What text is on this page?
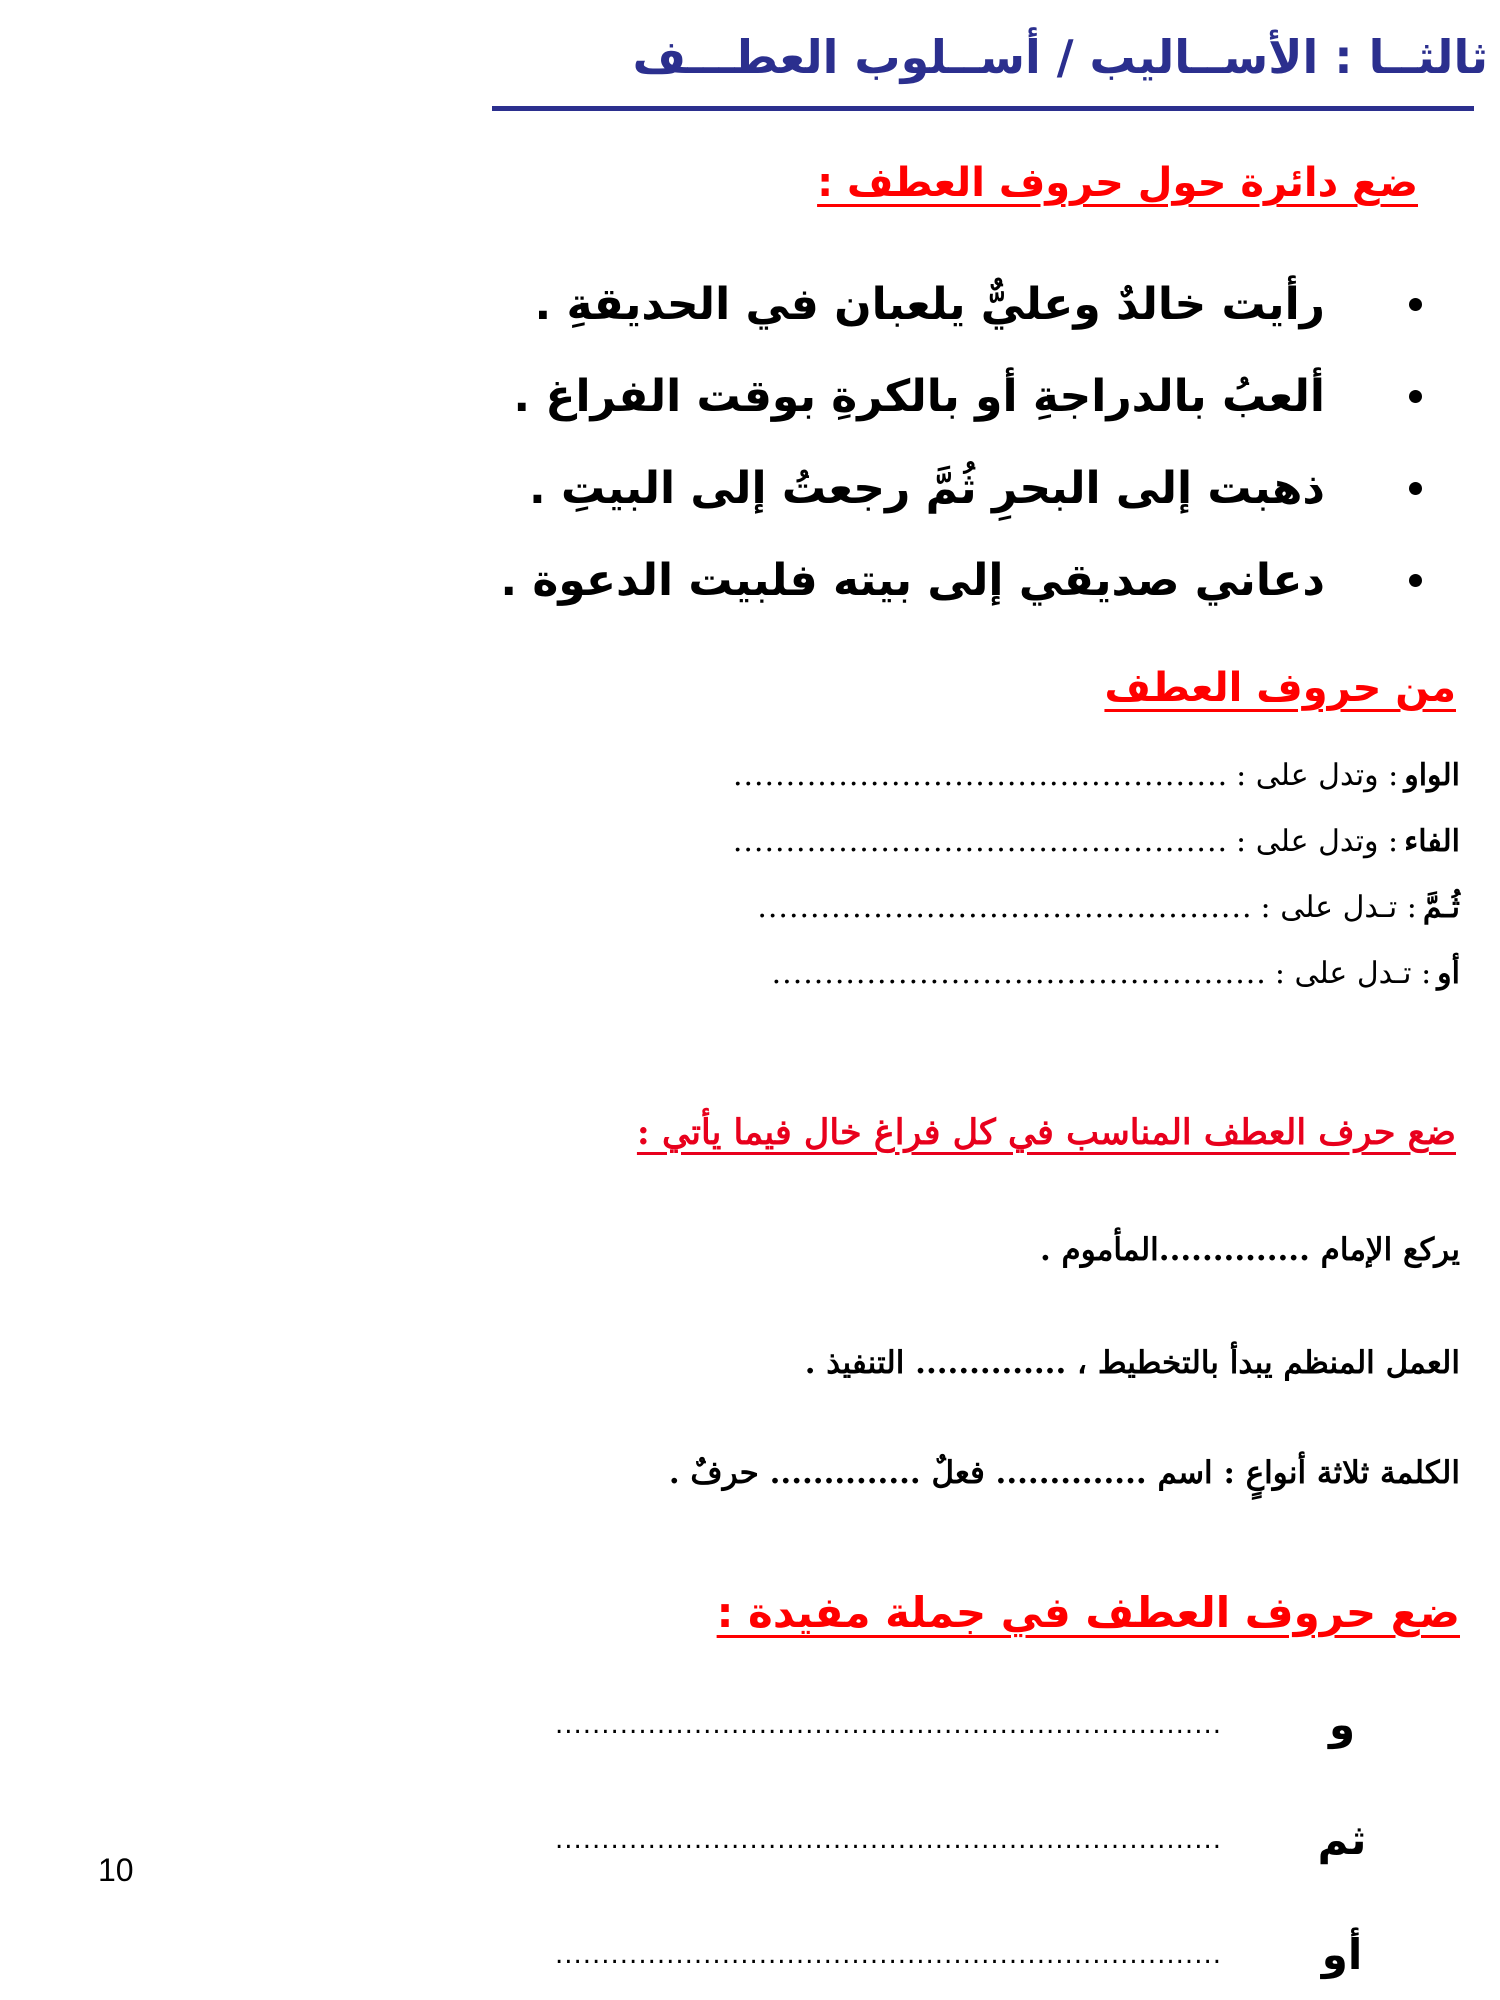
ثالثــا : الأســاليب / أســلوب العطـــف
ضع دائرة حول حروف العطف :
رأيت خالدٌ وعليٌّ يلعبان في الحديقةِ .
ألعبُ بالدراجةِ أو بالكرةِ بوقت الفراغ .
ذهبت إلى البحرِ ثُمَّ رجعتُ إلى البيتِ .
دعاني صديقي إلى بيته فلبيت الدعوة .
من حروف العطف
الواو
: وتدل على :
...............................................
الفاء
: وتدل على :
...............................................
ثُـمَّ
: تـدل على :
...............................................
أو
: تـدل على :
...............................................
ضع حرف العطف المناسب في كل فراغ خال فيما يأتي :
يركع الإمام ..............المأموم .
العمل المنظم يبدأ بالتخطيط ، .............. التنفيذ .
الكلمة ثلاثة أنواعٍ : اسم .............. فعلٌ .............. حرفٌ .
ضع حروف العطف في جملة مفيدة :
و
........................................................................
ثم
........................................................................
أو
........................................................................
10
